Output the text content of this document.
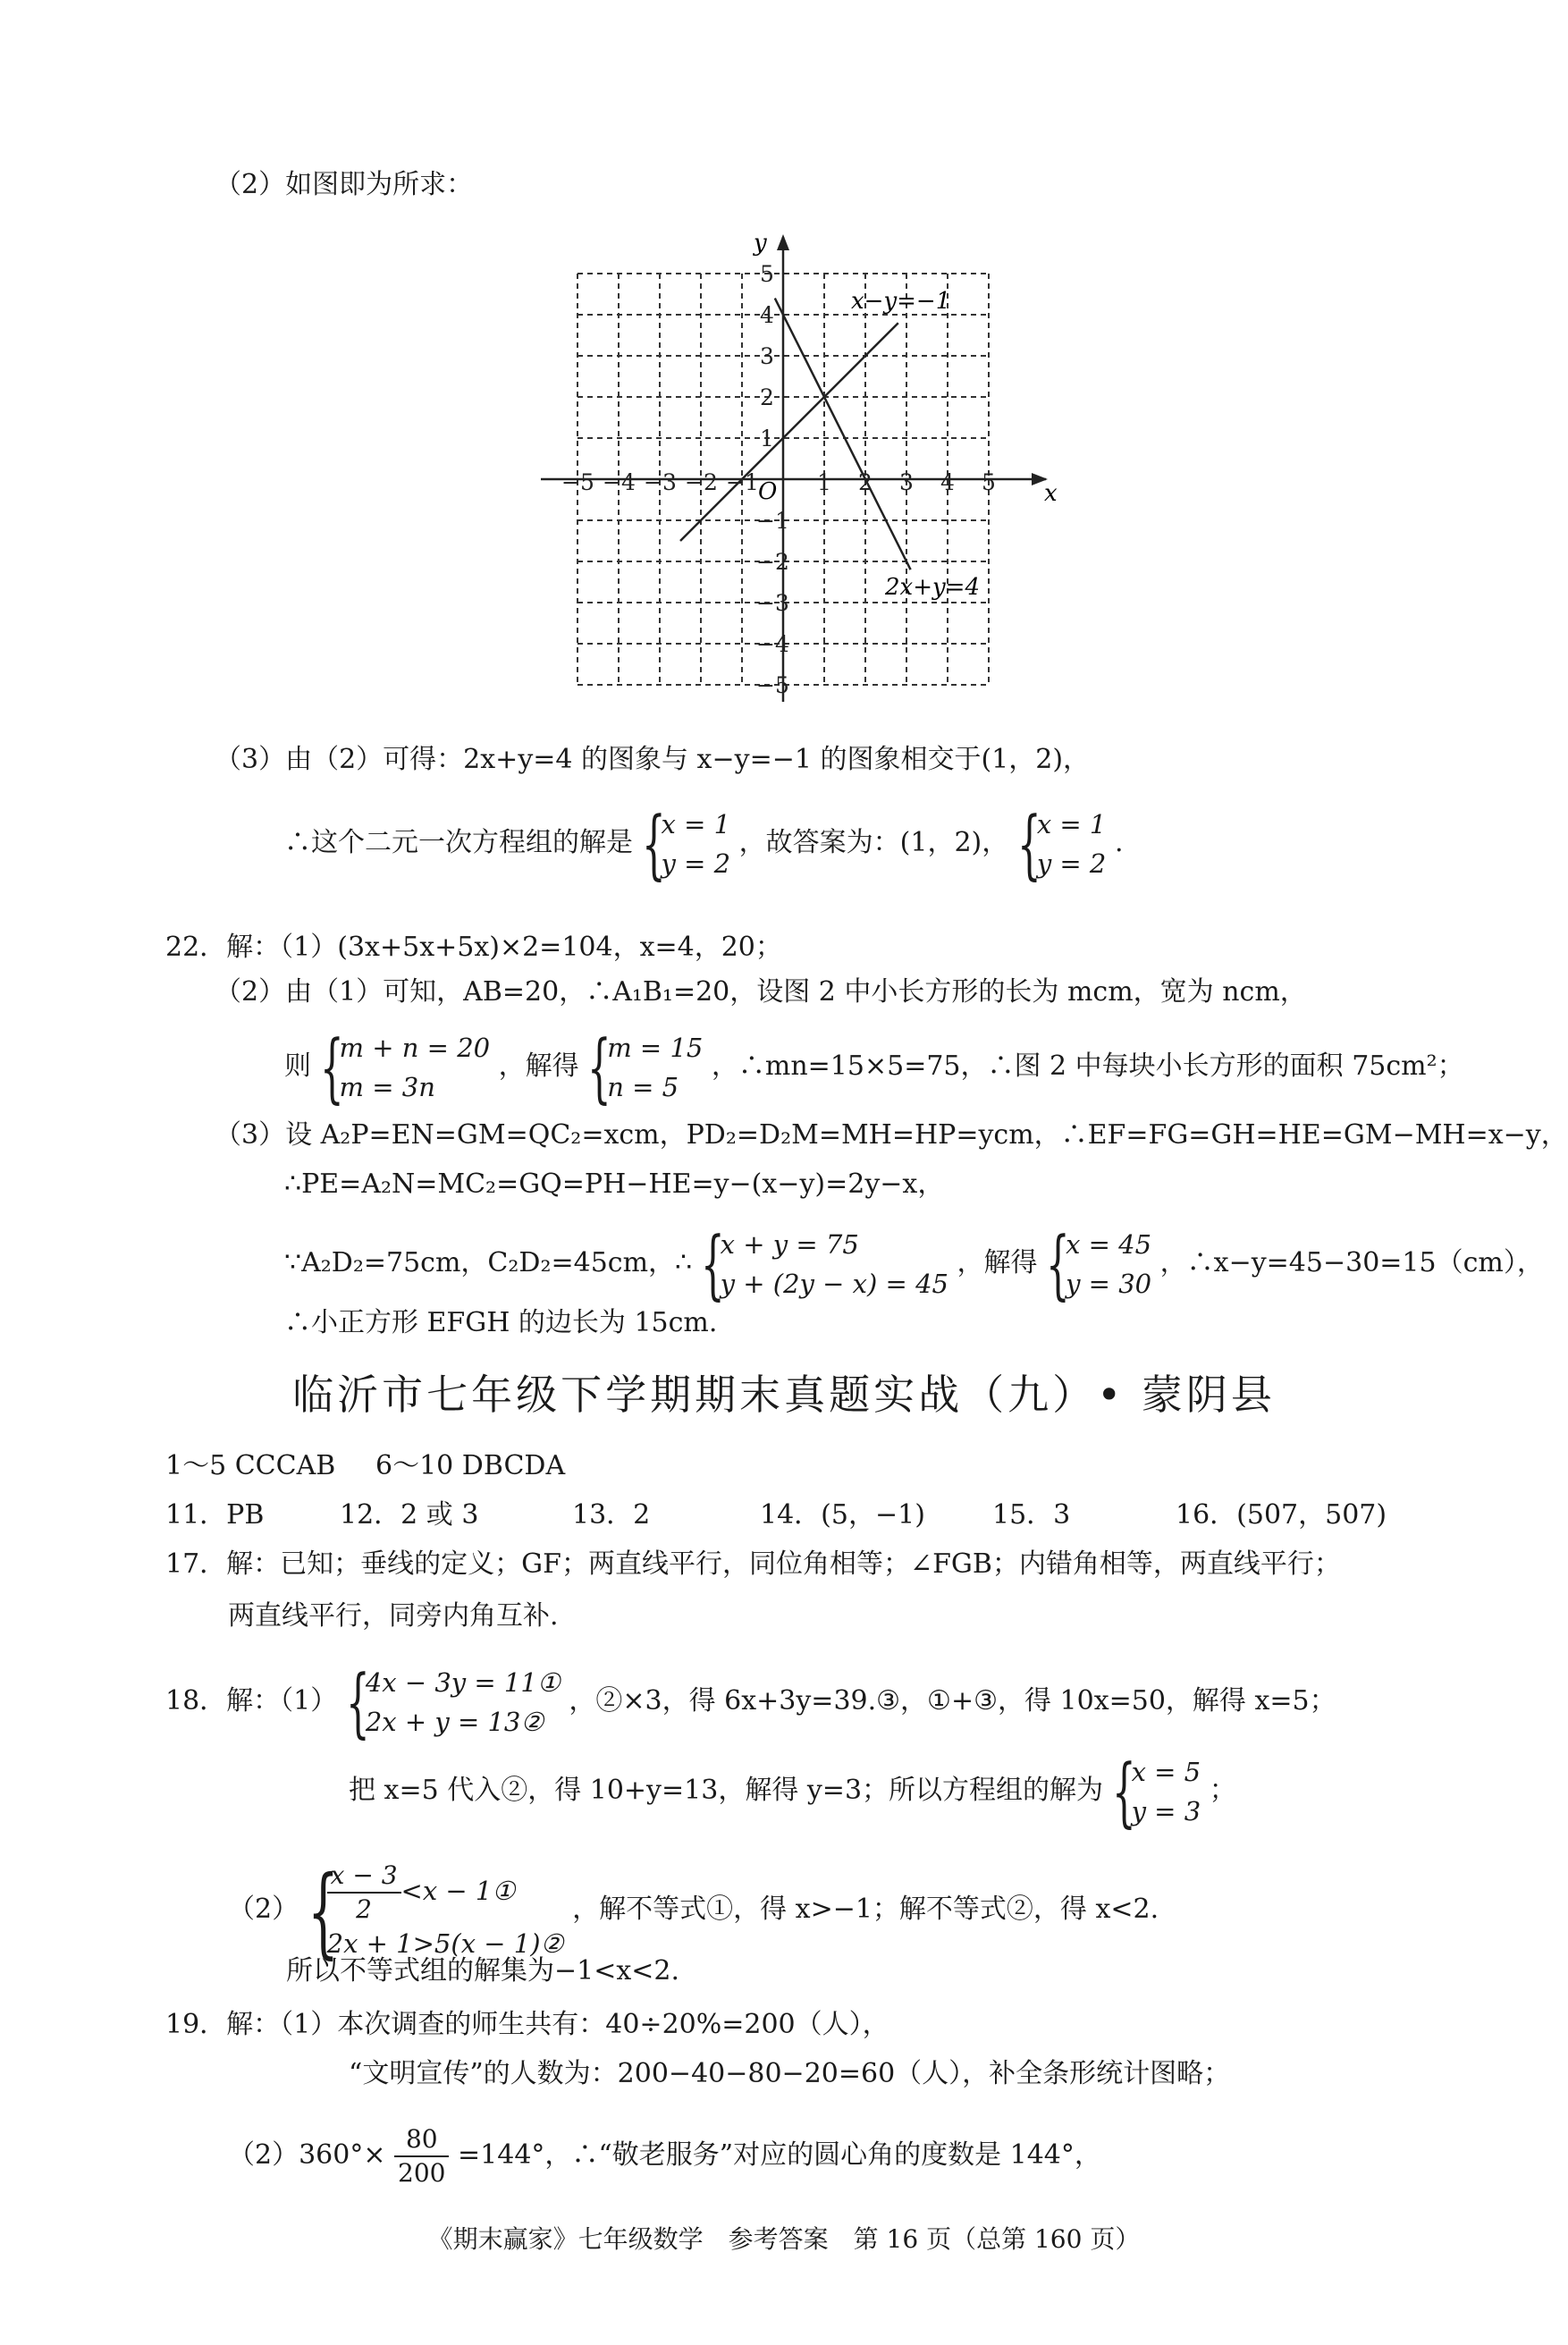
（2）如图即为所求：
x
y
−5 −4 −3 −2 −1	1 2 3 4 5
5
4
3
2
1
−1
−2
−3
−4
−5
O
x−y=−1
2x+y=4
（3）由（2）可得：2x+y=4 的图象与 x−y=−1 的图象相交于(1，2)，
∴这个二元一次方程组的解是 {
x = 1
y = 2
，故答案为：(1，2)， {
x = 1
y = 2
.
22．解：（1）(3x+5x+5x)×2=104，x=4，20；
（2）由（1）可知，AB=20，∴A₁B₁=20，设图 2 中小长方形的长为 mcm，宽为 ncm，
则 {
m + n = 20
m = 3n
，解得 {
m = 15
n = 5
，∴mn=15×5=75，∴图 2 中每块小长方形的面积 75cm²；
（3）设 A₂P=EN=GM=QC₂=xcm，PD₂=D₂M=MH=HP=ycm，∴EF=FG=GH=HE=GM−MH=x−y，
∴PE=A₂N=MC₂=GQ=PH−HE=y−(x−y)=2y−x，
∵A₂D₂=75cm，C₂D₂=45cm，∴ {
x + y = 75
y + (2y − x) = 45
，解得 {
x = 45
y = 30
，∴x−y=45−30=15（cm），
∴小正方形 EFGH 的边长为 15cm.
临沂市七年级下学期期末真题实战（九）• 蒙阴县
1～5 CCCAB 6～10 DBCDA
11．PB	12．2 或 3	13．2	14．(5，−1)	15．3	16．(507，507)
17．解：已知；垂线的定义；GF；两直线平行，同位角相等；∠FGB；内错角相等，两直线平行；
两直线平行，同旁内角互补.
18．解：（1） {
4x − 3y = 11①
2x + y = 13②
，②×3，得 6x+3y=39.③，①+③，得 10x=50，解得 x=5；
把 x=5 代入②，得 10+y=13，解得 y=3；所以方程组的解为 {
x = 5
y = 3
；
（2） {
$\frac{x - 3}{2} <x$ − 1①
2x + 1>5(x − 1)②
，解不等式①，得 x>−1；解不等式②，得 x<2.
所以不等式组的解集为−1<x<2.
19．解：（1）本次调查的师生共有：40÷20%=200（人），
“文明宣传”的人数为：200−40−80−20=60（人），补全条形统计图略；
$(2)360^\circ\times \frac{80}{200} =144^\circ$，∴“敬老服务”对应的圆心角的度数是 144°，
《期末赢家》七年级数学　参考答案　第 16 页（总第 160 页）
